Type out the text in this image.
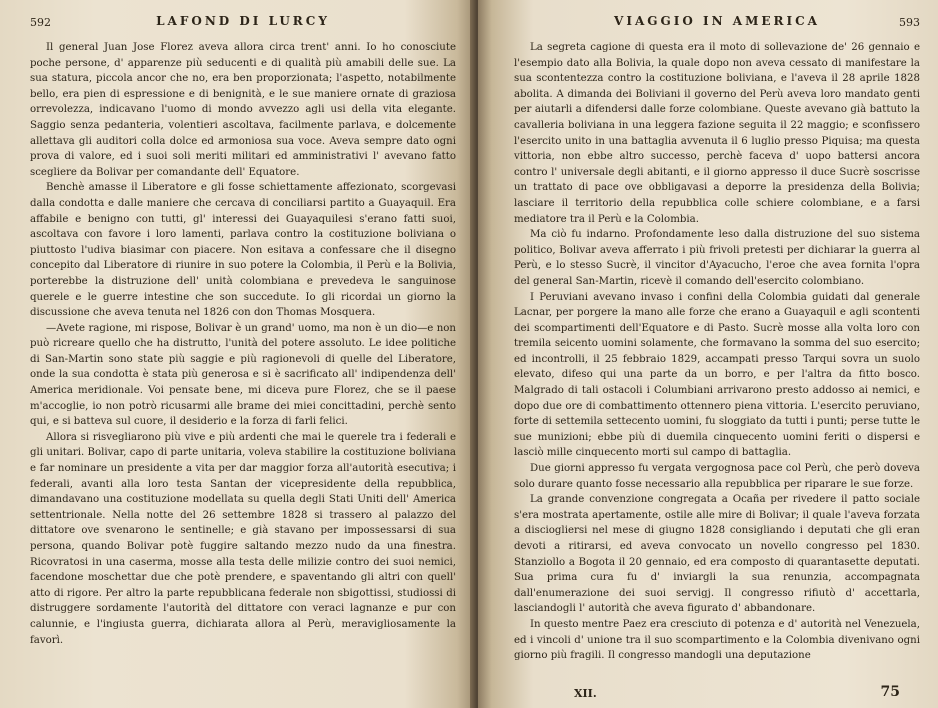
592	LAFOND DI LURCY

Il general Juan Jose Florez aveva allora circa trent' anni. Io ho conosciute poche persone, d' apparenze più seducenti e di qualità più amabili delle sue. La sua statura, piccola ancor che no, era ben proporzionata; l'aspetto, notabilmente bello, era pien di espressione e di benignità, e le sue maniere ornate di graziosa orrevolezza, indicavano l'uomo di mondo avvezzo agli usi della vita elegante. Saggio senza pedanteria, volentieri ascoltava, facilmente parlava, e dolcemente allettava gli auditori colla dolce ed armoniosa sua voce. Aveva sempre dato ogni prova di valore, ed i suoi soli meriti militari ed amministrativi l' avevano fatto scegliere da Bolivar per comandante dell' Equatore.

Benchè amasse il Liberatore e gli fosse schiettamente affezionato, scorgevasi dalla condotta e dalle maniere che cercava di conciliarsi partito a Guayaquil. Era affabile e benigno con tutti, gl' interessi dei Guayaquilesi s'erano fatti suoi, ascoltava con favore i loro lamenti, parlava contro la costituzione boliviana o piuttosto l'udiva biasimar con piacere. Non esitava a confessare che il disegno concepito dal Liberatore di riunire in suo potere la Colombia, il Perù e la Bolivia, porterebbe la distruzione dell' unità colombiana e prevedeva le sanguinose querele e le guerre intestine che son succedute. Io gli ricordai un giorno la discussione che aveva tenuta nel 1826 con don Thomas Mosquera.

—Avete ragione, mi rispose, Bolivar è un grand' uomo, ma non è un dio—e non può ricreare quello che ha distrutto, l'unità del potere assoluto. Le idee politiche di San-Martin sono state più saggie e più ragionevoli di quelle del Liberatore, onde la sua condotta è stata più generosa e si è sacrificato all' indipendenza dell' America meridionale. Voi pensate bene, mi diceva pure Florez, che se il paese m'accoglie, io non potrò ricusarmi alle brame dei miei concittadini, perchè sento qui, e si batteva sul cuore, il desiderio e la forza di farli felici.

Allora si risvegliarono più vive e più ardenti che mai le querele tra i federali e gli unitari. Bolivar, capo di parte unitaria, voleva stabilire la costituzione boliviana e far nominare un presidente a vita per dar maggior forza all'autorità esecutiva; i federali, avanti alla loro testa Santan der vicepresidente della repubblica, dimandavano una costituzione modellata su quella degli Stati Uniti dell' America settentrionale. Nella notte del 26 settembre 1828 si trassero al palazzo del dittatore ove svenarono le sentinelle; e già stavano per impossessarsi di sua persona, quando Bolivar potè fuggire saltando mezzo nudo da una finestra. Ricovratosi in una caserma, mosse alla testa delle milizie contro dei suoi nemici, facendone moschettar due che potè prendere, e spaventando gli altri con quell' atto di rigore. Per altro la parte repubblicana federale non sbigottissi, studiossi di distruggere sordamente l'autorità del dittatore con veraci lagnanze e pur con calunnie, e l'ingiusta guerra, dichiarata allora al Perù, meravigliosamente la favorì.

VIAGGIO IN AMERICA	593

La segreta cagione di questa era il moto di sollevazione de' 26 gennaio e l'esempio dato alla Bolivia, la quale dopo non aveva cessato di manifestare la sua scontentezza contro la costituzione boliviana, e l'aveva il 28 aprile 1828 abolita. A dimanda dei Boliviani il governo del Perù aveva loro mandato genti per aiutarli a difendersi dalle forze colombiane. Queste avevano già battuto la cavalleria boliviana in una leggera fazione seguita il 22 maggio; e sconfissero l'esercito unito in una battaglia avvenuta il 6 luglio presso Piquisa; ma questa vittoria, non ebbe altro successo, perchè faceva d' uopo battersi ancora contro l' universale degli abitanti, e il giorno appresso il duce Sucrè soscrisse un trattato di pace ove obbligavasi a deporre la presidenza della Bolivia; lasciare il territorio della repubblica colle schiere colombiane, e a farsi mediatore tra il Perù e la Colombia.

Ma ciò fu indarno. Profondamente leso dalla distruzione del suo sistema politico, Bolivar aveva afferrato i più frivoli pretesti per dichiarar la guerra al Perù, e lo stesso Sucrè, il vincitor d'Ayacucho, l'eroe che avea fornita l'opra del general San-Martin, ricevè il comando dell'esercito colombiano.

I Peruviani avevano invaso i confini della Colombia guidati dal generale Lacnar, per porgere la mano alle forze che erano a Guayaquil e agli scontenti dei scompartimenti dell'Equatore e di Pasto. Sucrè mosse alla volta loro con tremila seicento uomini solamente, che formavano la somma del suo esercito; ed incontrolli, il 25 febbraio 1829, accampati presso Tarqui sovra un suolo elevato, difeso qui una parte da un borro, e per l'altra da fitto bosco. Malgrado di tali ostacoli i Columbiani arrivarono presto addosso ai nemici, e dopo due ore di combattimento ottennero piena vittoria. L'esercito peruviano, forte di settemila settecento uomini, fu sloggiato da tutti i punti; perse tutte le sue munizioni; ebbe più di duemila cinquecento uomini feriti o dispersi e lasciò mille cinquecento morti sul campo di battaglia.

Due giorni appresso fu vergata vergognosa pace col Perù, che però doveva solo durare quanto fosse necessario alla repubblica per riparare le sue forze.

La grande convenzione congregata a Ocaña per rivedere il patto sociale s'era mostrata apertamente, ostile alle mire di Bolivar; il quale l'aveva forzata a disciogliersi nel mese di giugno 1828 consigliando i deputati che gli eran devoti a ritirarsi, ed aveva convocato un novello congresso pel 1830. Stanziollo a Bogota il 20 gennaio, ed era composto di quarantasette deputati. Sua prima cura fu d' inviargli la sua renunzia, accompagnata dall'enumerazione dei suoi servigj. Il congresso rifiutò d' accettarla, lasciandogli l' autorità che aveva figurato d' abbandonare.

In questo mentre Paez era cresciuto di potenza e d' autorità nel Venezuela, ed i vincoli d' unione tra il suo scompartimento e la Colombia divenivano ogni giorno più fragili. Il congresso mandogli una deputazione

XII.	75
